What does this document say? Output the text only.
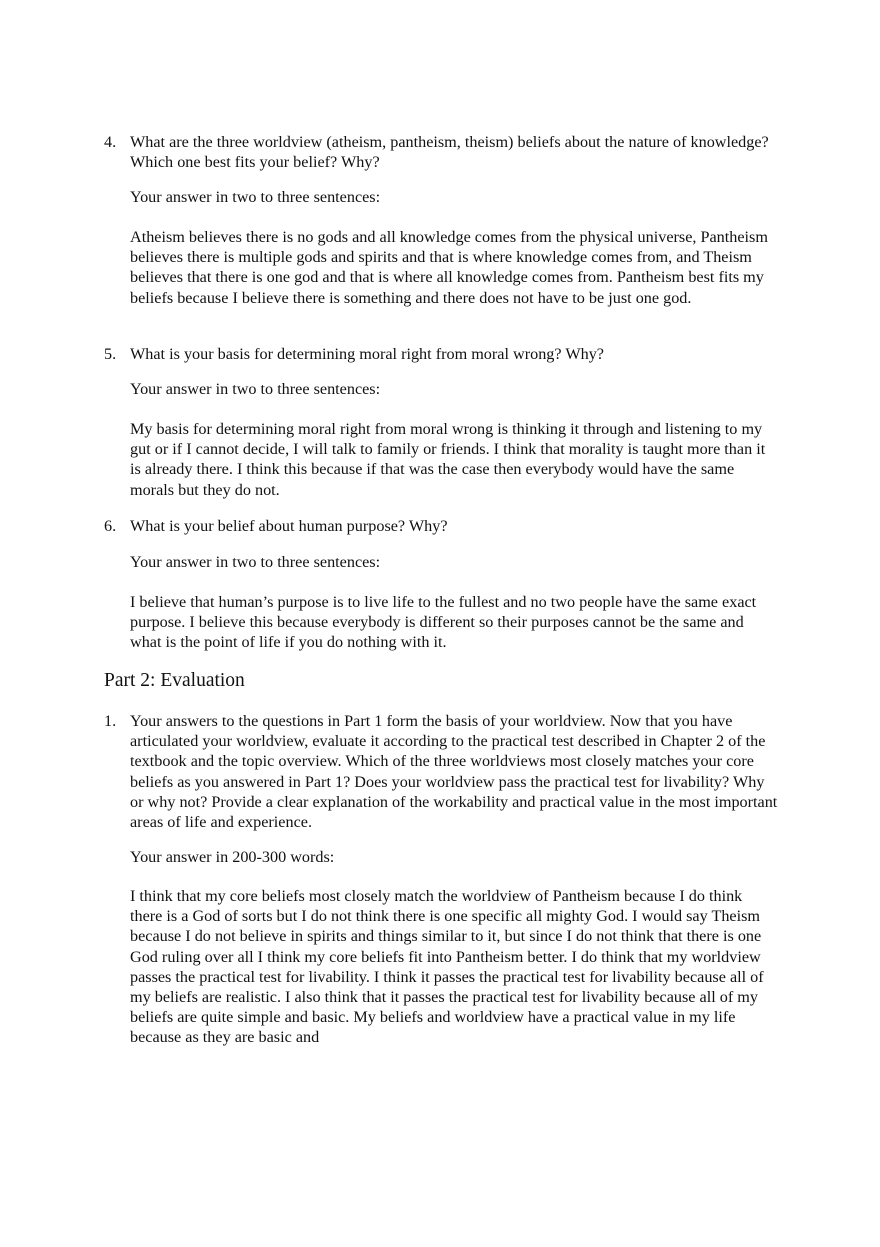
4. What are the three worldview (atheism, pantheism, theism) beliefs about the nature of knowledge? Which one best fits your belief? Why?
Your answer in two to three sentences:
Atheism believes there is no gods and all knowledge comes from the physical universe, Pantheism believes there is multiple gods and spirits and that is where knowledge comes from, and Theism believes that there is one god and that is where all knowledge comes from. Pantheism best fits my beliefs because I believe there is something and there does not have to be just one god.
5. What is your basis for determining moral right from moral wrong? Why?
Your answer in two to three sentences:
My basis for determining moral right from moral wrong is thinking it through and listening to my gut or if I cannot decide, I will talk to family or friends. I think that morality is taught more than it is already there. I think this because if that was the case then everybody would have the same morals but they do not.
6. What is your belief about human purpose? Why?
Your answer in two to three sentences:
I believe that human’s purpose is to live life to the fullest and no two people have the same exact purpose. I believe this because everybody is different so their purposes cannot be the same and what is the point of life if you do nothing with it.
Part 2: Evaluation
1. Your answers to the questions in Part 1 form the basis of your worldview. Now that you have articulated your worldview, evaluate it according to the practical test described in Chapter 2 of the textbook and the topic overview. Which of the three worldviews most closely matches your core beliefs as you answered in Part 1? Does your worldview pass the practical test for livability? Why or why not? Provide a clear explanation of the workability and practical value in the most important areas of life and experience.
Your answer in 200-300 words:
I think that my core beliefs most closely match the worldview of Pantheism because I do think there is a God of sorts but I do not think there is one specific all mighty God. I would say Theism because I do not believe in spirits and things similar to it, but since I do not think that there is one God ruling over all I think my core beliefs fit into Pantheism better. I do think that my worldview passes the practical test for livability. I think it passes the practical test for livability because all of my beliefs are realistic. I also think that it passes the practical test for livability because all of my beliefs are quite simple and basic. My beliefs and worldview have a practical value in my life because as they are basic and
